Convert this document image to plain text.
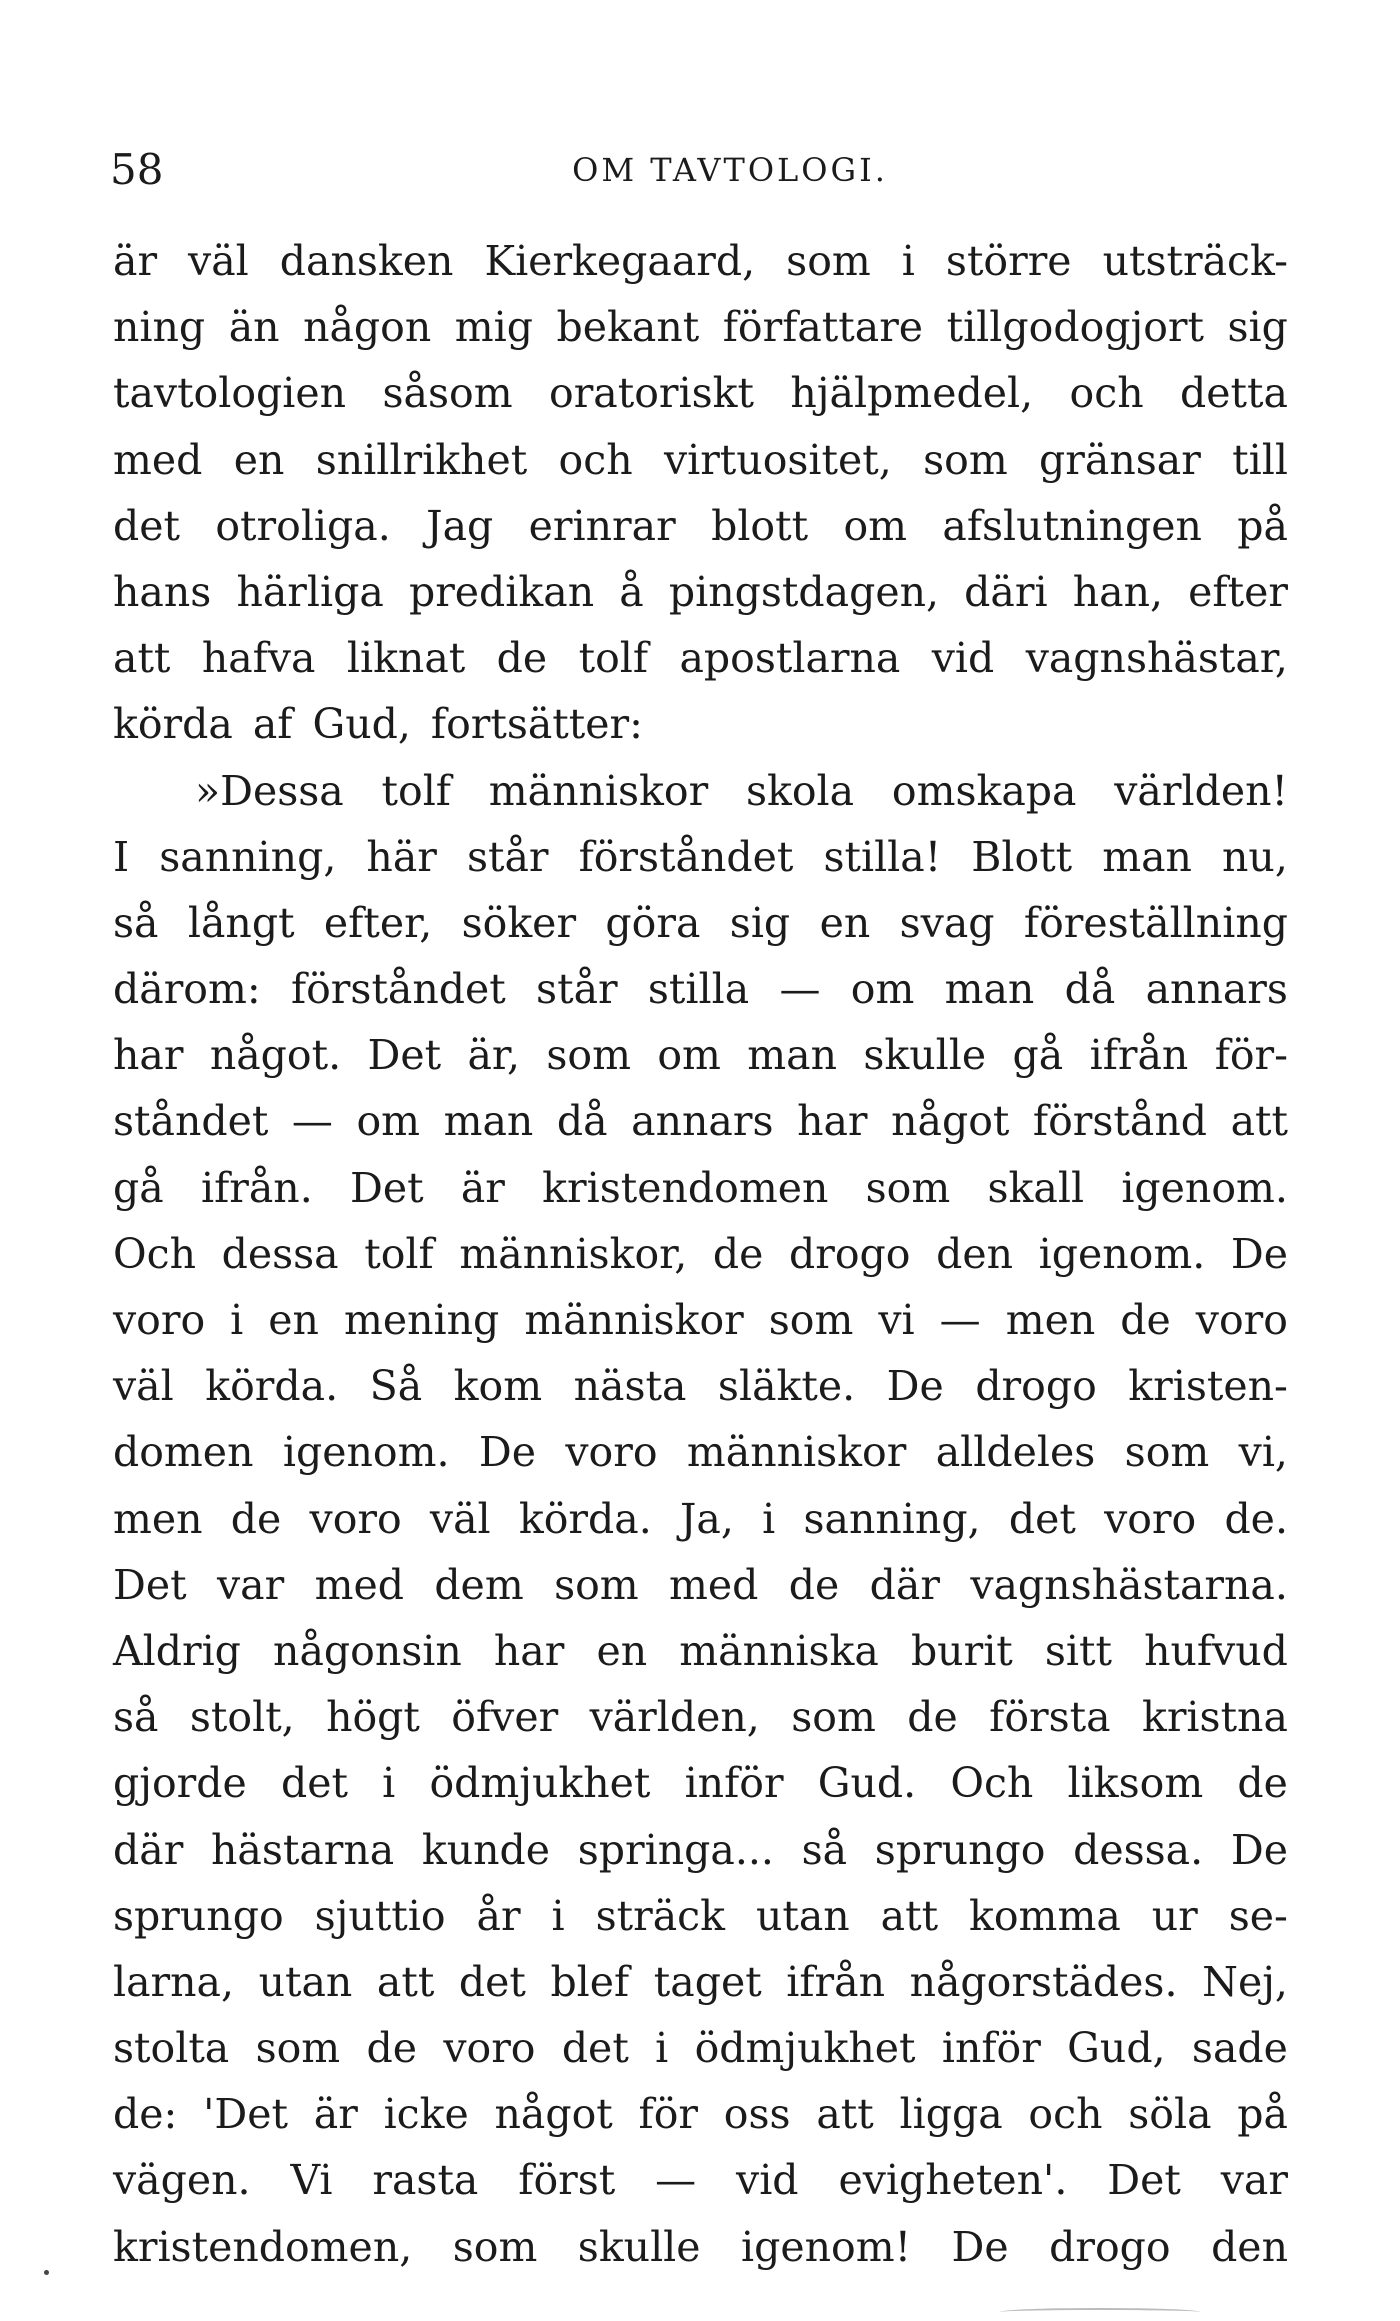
58	OM TAVTOLOGI.
är väl dansken Kierkegaard, som i större utsträck-
ning än någon mig bekant författare tillgodogjort sig
tavtologien såsom oratoriskt hjälpmedel, och detta
med en snillrikhet och virtuositet, som gränsar till
det otroliga. Jag erinrar blott om afslutningen på
hans härliga predikan å pingstdagen, däri han, efter
att hafva liknat de tolf apostlarna vid vagnshästar,
körda af Gud, fortsätter:
»Dessa tolf människor skola omskapa världen!
I sanning, här står förståndet stilla! Blott man nu,
så långt efter, söker göra sig en svag föreställning
därom: förståndet står stilla — om man då annars
har något. Det är, som om man skulle gå ifrån för-
ståndet — om man då annars har något förstånd att
gå ifrån. Det är kristendomen som skall igenom.
Och dessa tolf människor, de drogo den igenom. De
voro i en mening människor som vi — men de voro
väl körda. Så kom nästa släkte. De drogo kristen-
domen igenom. De voro människor alldeles som vi,
men de voro väl körda. Ja, i sanning, det voro de.
Det var med dem som med de där vagnshästarna.
Aldrig någonsin har en människa burit sitt hufvud
så stolt, högt öfver världen, som de första kristna
gjorde det i ödmjukhet inför Gud. Och liksom de
där hästarna kunde springa... så sprungo dessa. De
sprungo sjuttio år i sträck utan att komma ur se-
larna, utan att det blef taget ifrån någorstädes. Nej,
stolta som de voro det i ödmjukhet inför Gud, sade
de: 'Det är icke något för oss att ligga och söla på
vägen. Vi rasta först — vid evigheten'. Det var
kristendomen, som skulle igenom! De drogo den
